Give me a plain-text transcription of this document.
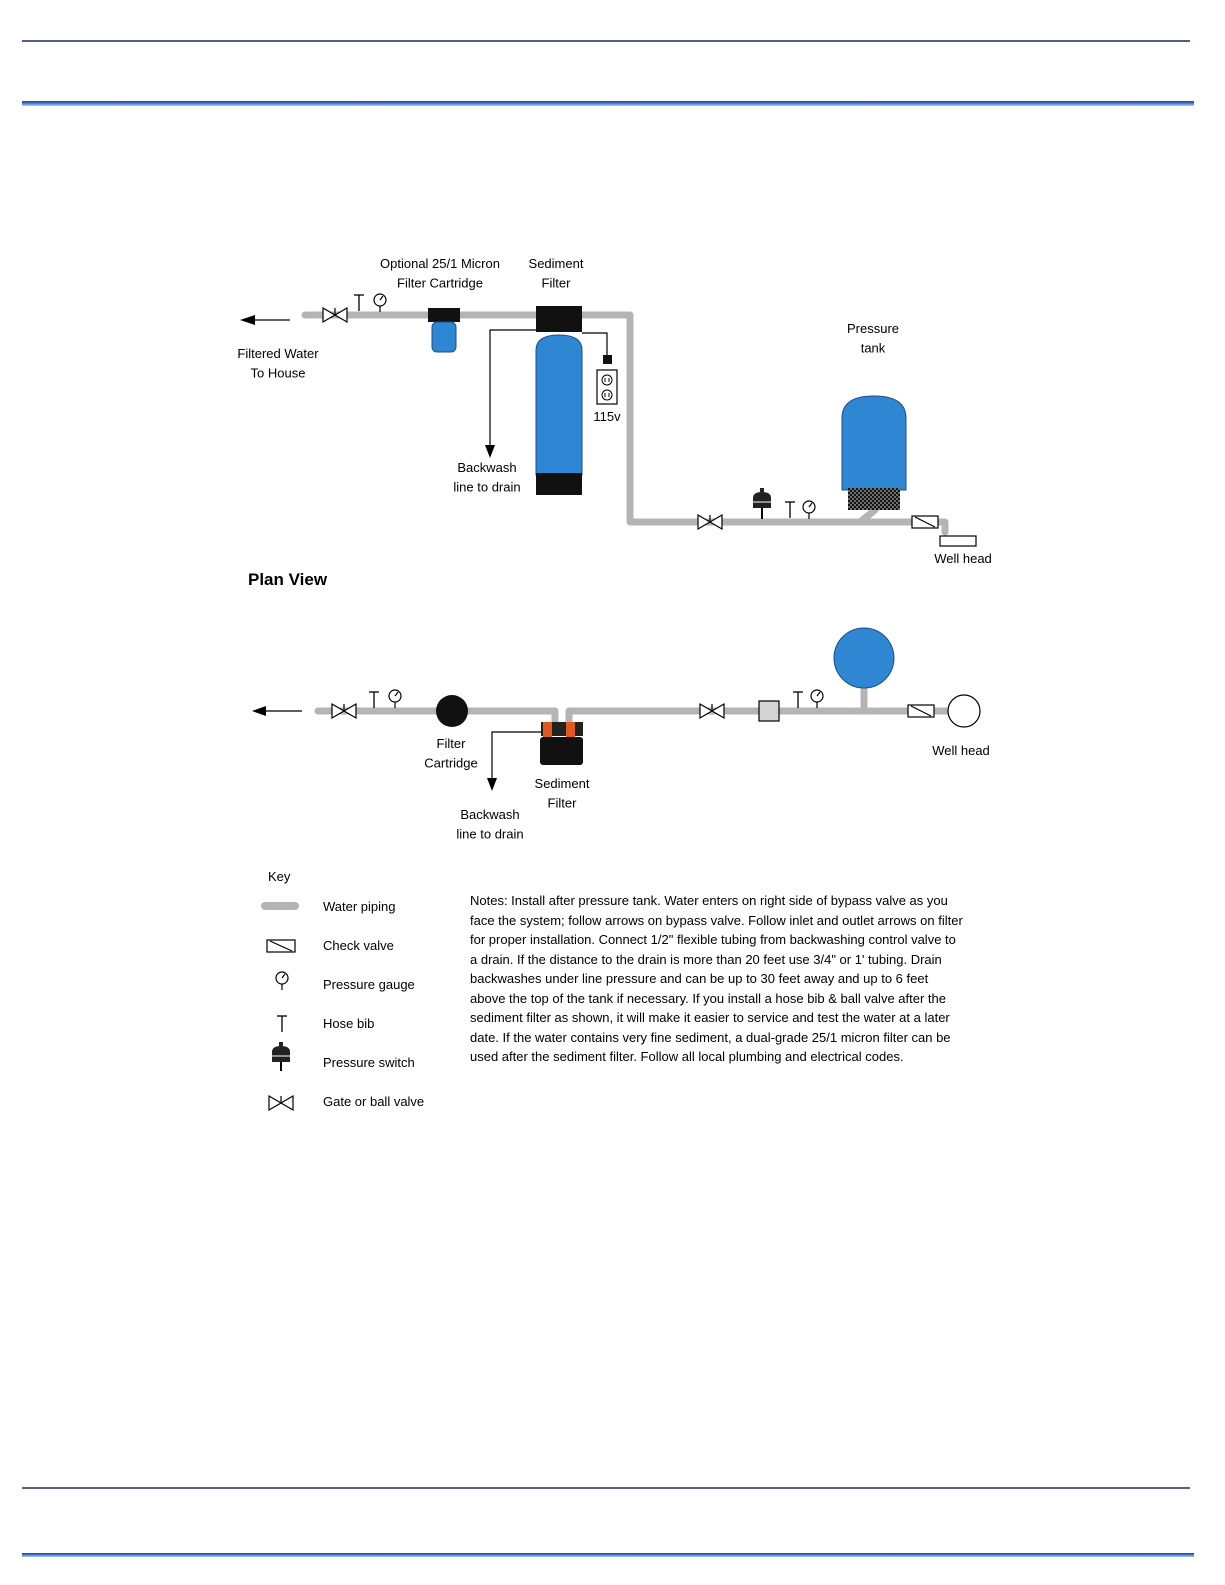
Optional 25/1 Micron Filter Cartridge
Sediment Filter
Filtered Water To House
115v
Backwash line to drain
Pressure tank
Well head
Plan View
Filter Cartridge
Sediment Filter
Backwash line to drain
Well head
Key
Water piping
Check valve
Pressure gauge
Hose bib
Pressure switch
Gate or ball valve

Notes: Install after pressure tank. Water enters on right side of bypass valve as you face the system; follow arrows on bypass valve. Follow inlet and outlet arrows on filter for proper installation. Connect 1/2" flexible tubing from backwashing control valve to a drain. If the distance to the drain is more than 20 feet use 3/4" or 1' tubing. Drain backwashes under line pressure and can be up to 30 feet away and up to 6 feet above the top of the tank if necessary. If you install a hose bib & ball valve after the sediment filter as shown, it will make it easier to service and test the water at a later date. If the water contains very fine sediment, a dual-grade 25/1 micron filter can be used after the sediment filter. Follow all local plumbing and electrical codes.
